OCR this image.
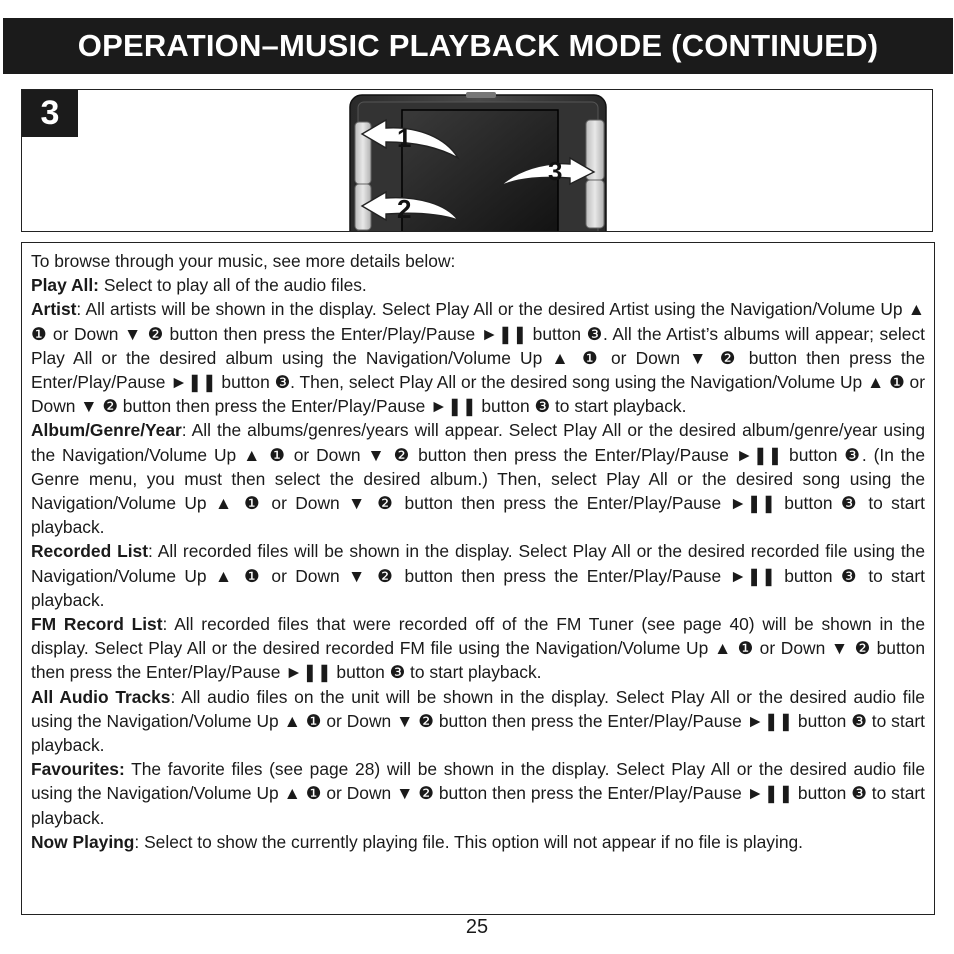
OPERATION–MUSIC PLAYBACK MODE (CONTINUED)
3
1
2
3

To browse through your music, see more details below:

Play All: Select to play all of the audio files.

Artist: All artists will be shown in the display. Select Play All or the desired Artist using the Navigation/Volume Up ▲ ❶ or Down ▼ ❷ button then press the Enter/Play/Pause ►❚❚ button ❸. All the Artist’s albums will appear; select Play All or the desired album using the Navigation/Volume Up ▲ ❶ or Down ▼ ❷ button then press the Enter/Play/Pause ►❚❚ button ❸. Then, select Play All or the desired song using the Navigation/Volume Up ▲ ❶ or Down ▼ ❷ button then press the Enter/Play/Pause ►❚❚ button ❸ to start playback.

Album/Genre/Year: All the albums/genres/years will appear. Select Play All or the desired album/genre/year using the Navigation/Volume Up ▲ ❶ or Down ▼ ❷ button then press the Enter/Play/Pause ►❚❚ button ❸. (In the Genre menu, you must then select the desired album.) Then, select Play All or the desired song using the Navigation/Volume Up ▲ ❶ or Down ▼ ❷ button then press the Enter/Play/Pause ►❚❚ button ❸ to start playback.

Recorded List: All recorded files will be shown in the display. Select Play All or the desired recorded file using the Navigation/Volume Up ▲ ❶ or Down ▼ ❷ button then press the Enter/Play/Pause ►❚❚ button ❸ to start playback.

FM Record List: All recorded files that were recorded off of the FM Tuner (see page 40) will be shown in the display. Select Play All or the desired recorded FM file using the Navigation/Volume Up ▲ ❶ or Down ▼ ❷ button then press the Enter/Play/Pause ►❚❚ button ❸ to start playback.

All Audio Tracks: All audio files on the unit will be shown in the display. Select Play All or the desired audio file using the Navigation/Volume Up ▲ ❶ or Down ▼ ❷ button then press the Enter/Play/Pause ►❚❚ button ❸ to start playback.

Favourites: The favorite files (see page 28) will be shown in the display. Select Play All or the desired audio file using the Navigation/Volume Up ▲ ❶ or Down ▼ ❷ button then press the Enter/Play/Pause ►❚❚ button ❸ to start playback.

Now Playing: Select to show the currently playing file. This option will not appear if no file is playing.

25
